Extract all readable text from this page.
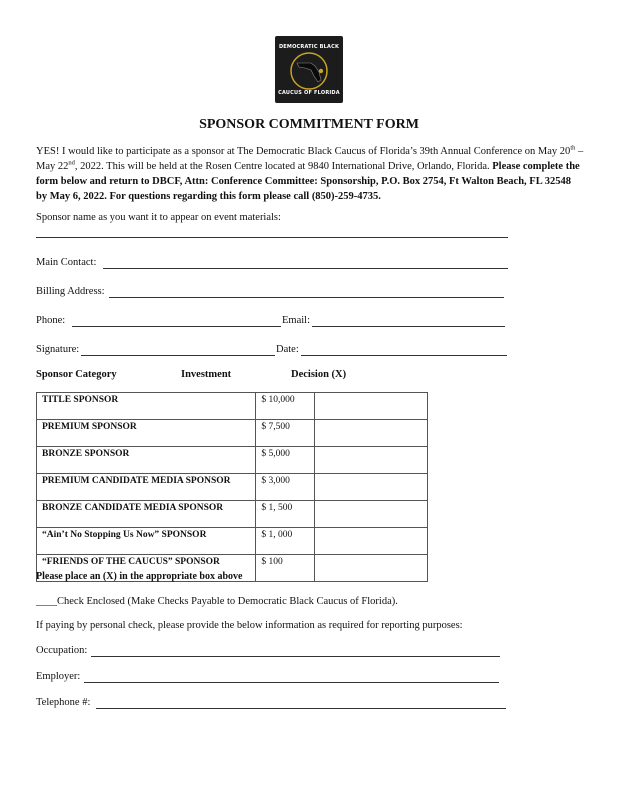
DEMOCRATIC BLACK
CAUCUS OF FLORIDA
SPONSOR COMMITMENT FORM
YES! I would like to participate as a sponsor at The Democratic Black Caucus of Florida’s 39th Annual Conference on May 20th – May 22nd, 2022. This will be held at the Rosen Centre located at 9840 International Drive, Orlando, Florida. Please complete the form below and return to DBCF, Attn: Conference Committee: Sponsorship, P.O. Box 2754, Ft Walton Beach, FL 32548 by May 6, 2022. For questions regarding this form please call (850)-259-4735.
Sponsor name as you want it to appear on event materials:
Main Contact:
Billing Address:
Phone:	Email:
Signature:	Date:
Sponsor Category	Investment	Decision (X)
TITLE SPONSOR	$ 10,000	
PREMIUM SPONSOR	$ 7,500	
BRONZE SPONSOR	$ 5,000	
PREMIUM CANDIDATE MEDIA SPONSOR	$ 3,000	
BRONZE CANDIDATE MEDIA SPONSOR	$ 1, 500	
“Ain’t No Stopping Us Now” SPONSOR	$ 1, 000	
“FRIENDS OF THE CAUCUS” SPONSOR	$ 100	
Please place an (X) in the appropriate box above
____Check Enclosed (Make Checks Payable to Democratic Black Caucus of Florida).
If paying by personal check, please provide the below information as required for reporting purposes:
Occupation:
Employer:
Telephone #:
